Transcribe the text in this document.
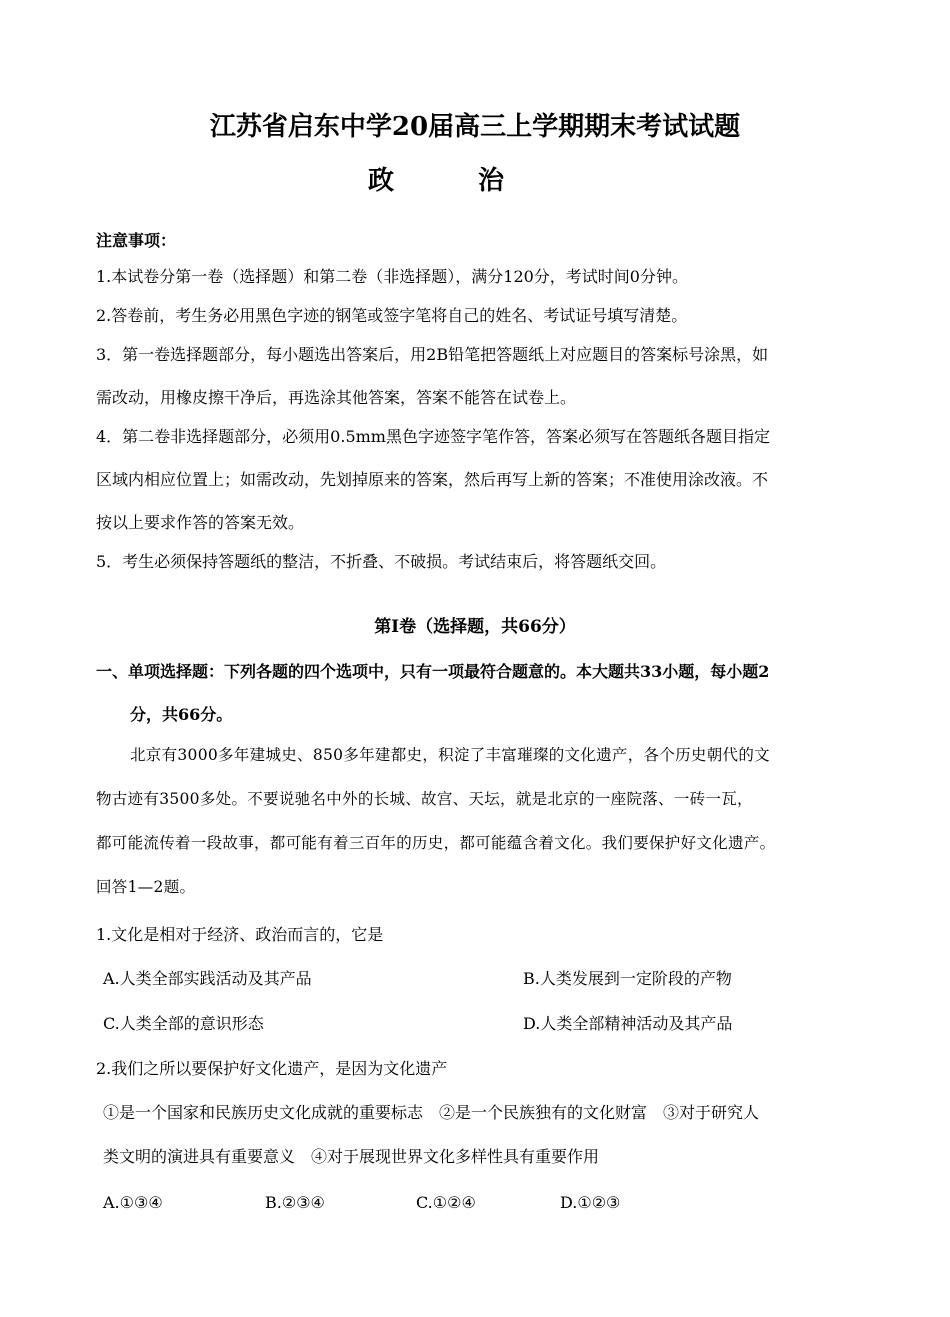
江苏省启东中学20届高三上学期期末考试试题
政	治
注意事项：
1.本试卷分第一卷（选择题）和第二卷（非选择题），满分120分，考试时间0分钟。
2.答卷前，考生务必用黑色字迹的钢笔或签字笔将自己的姓名、考试证号填写清楚。
3．第一卷选择题部分，每小题选出答案后，用2B铅笔把答题纸上对应题目的答案标号涂黑，如
需改动，用橡皮擦干净后，再选涂其他答案，答案不能答在试卷上。
4．第二卷非选择题部分，必须用0.5mm黑色字迹签字笔作答，答案必须写在答题纸各题目指定
区域内相应位置上；如需改动，先划掉原来的答案，然后再写上新的答案；不准使用涂改液。不
按以上要求作答的答案无效。
5．考生必须保持答题纸的整洁，不折叠、不破损。考试结束后，将答题纸交回。
第Ⅰ卷（选择题，共66分）
一、单项选择题：下列各题的四个选项中，只有一项最符合题意的。本大题共33小题，每小题2
分，共66分。
北京有3000多年建城史、850多年建都史，积淀了丰富璀璨的文化遗产，各个历史朝代的文
物古迹有3500多处。不要说驰名中外的长城、故宫、天坛，就是北京的一座院落、一砖一瓦，
都可能流传着一段故事，都可能有着三百年的历史，都可能蕴含着文化。我们要保护好文化遗产。
回答1—2题。
1.文化是相对于经济、政治而言的，它是
A.人类全部实践活动及其产品	B.人类发展到一定阶段的产物
C.人类全部的意识形态	D.人类全部精神活动及其产品
2.我们之所以要保护好文化遗产，是因为文化遗产
①是一个国家和民族历史文化成就的重要标志　②是一个民族独有的文化财富　③对于研究人
类文明的演进具有重要意义　④对于展现世界文化多样性具有重要作用
A.①③④	B.②③④	C.①②④	D.①②③
